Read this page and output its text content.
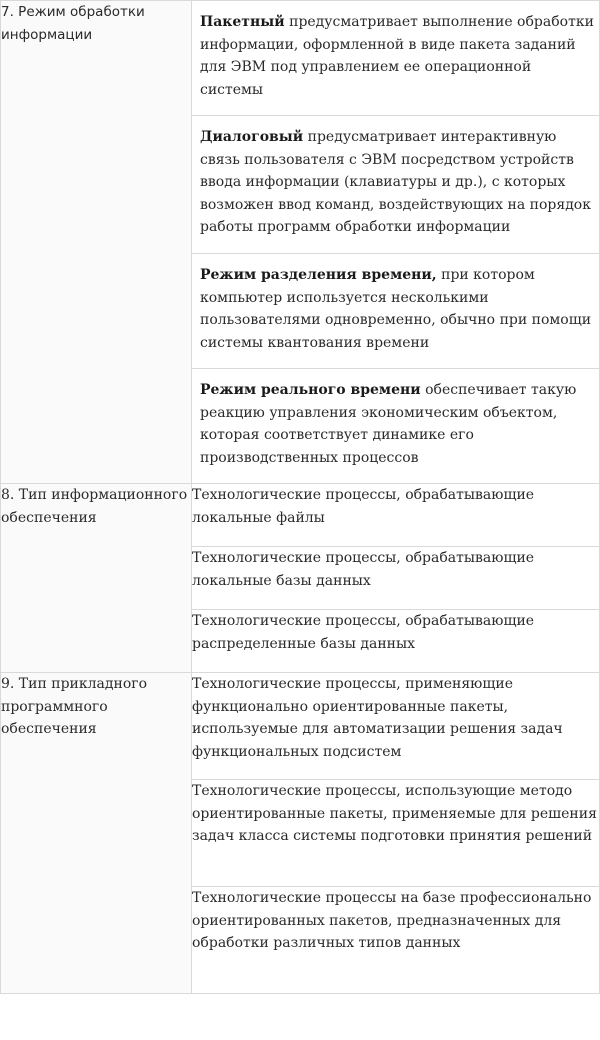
7. Режим обработки информации	Пакетный предусматривает выполнение обработки информации, оформленной в виде пакета заданий для ЭВМ под управлением ее операционной системы
	Диалоговый предусматривает интерактивную связь пользователя с ЭВМ посредством устройств ввода информации (клавиатуры и др.), с которых возможен ввод команд, воздействующих на порядок работы программ обработки информации
	Режим разделения времени, при котором компьютер используется несколькими пользователями одновременно, обычно при помощи системы квантования времени
	Режим реального времени обеспечивает такую реакцию управления экономическим объектом, которая соответствует динамике его производственных процессов

8. Тип информационного обеспечения	Технологические процессы, обрабатывающие локальные файлы
	Технологические процессы, обрабатывающие локальные базы данных
	Технологические процессы, обрабатывающие распределенные базы данных

9. Тип прикладного программного обеспечения	Технологические процессы, применяющие функционально ориентированные пакеты, используемые для автоматизации решения задач функциональных подсистем
	Технологические процессы, использующие методо ориентированные пакеты, применяемые для решения задач класса системы подготовки принятия решений
	Технологические процессы на базе профессионально ориентированных пакетов, предназначенных для обработки различных типов данных
